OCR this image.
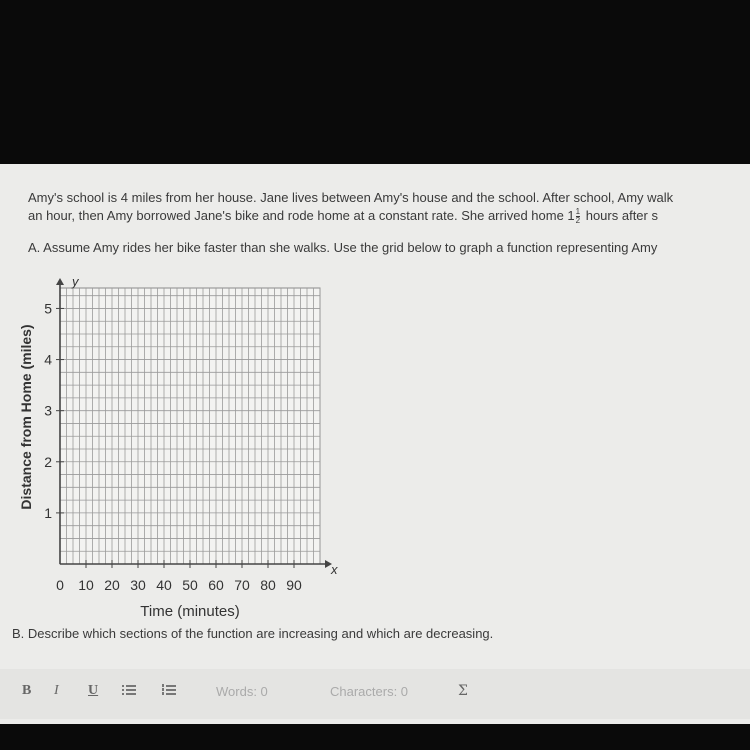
Amy's school is 4 miles from her house. Jane lives between Amy's house and the school. After school, Amy walk
an hour, then Amy borrowed Jane's bike and rode home at a constant rate. She arrived home $1 \frac{1}{2}$ hours after s
A. Assume Amy rides her bike faster than she walks. Use the grid below to graph a function representing Amy
0 10 20 30 40 50 60 70 80 90
1
2
3
4
5
Time (minutes)
Distance from Home (miles)
x
y
B. Describe which sections of the function are increasing and which are decreasing.
B I U	Words: 0	Characters: 0	Σ
